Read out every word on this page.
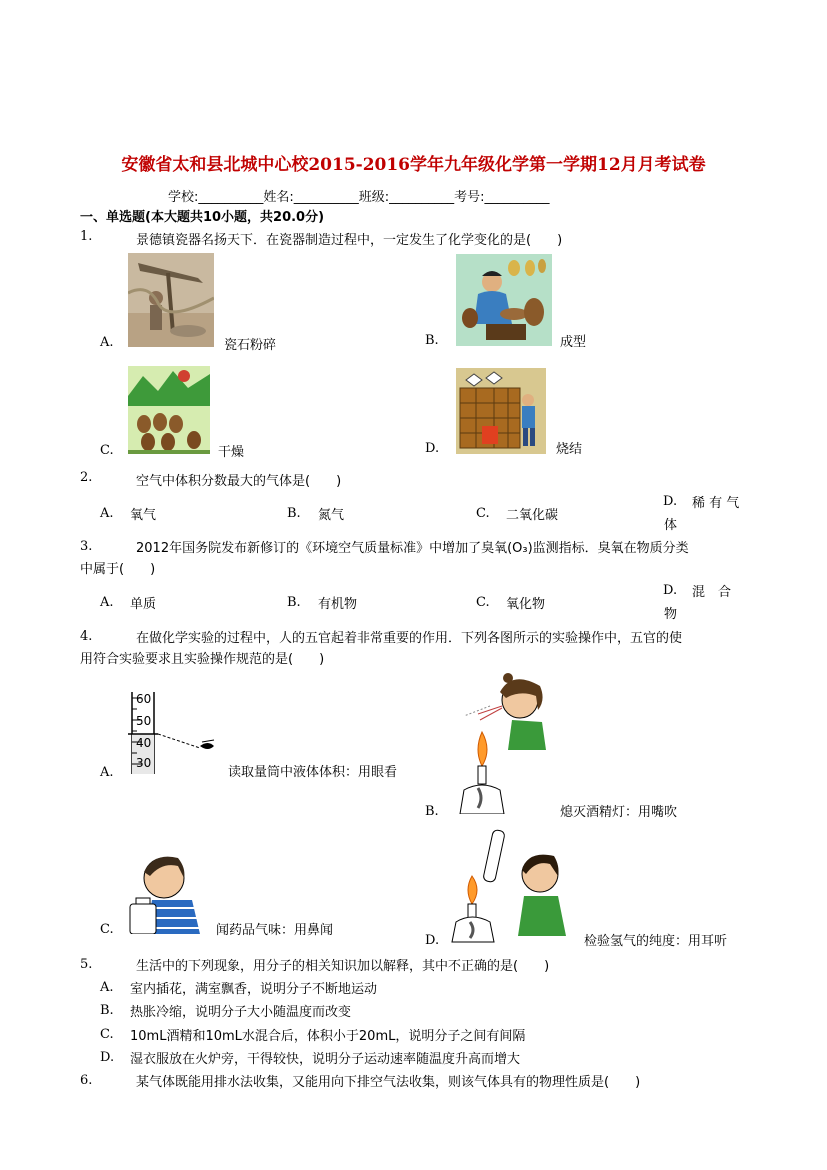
安徽省太和县北城中心校2015-2016学年九年级化学第一学期12月月考试卷
学校:__________姓名:__________班级:__________考号:__________
一、单选题(本大题共10小题，共20.0分)
1.	景德镇瓷器名扬天下．在瓷器制造过程中，一定发生了化学变化的是(　　)
A.	瓷石粉碎	B.	成型
C.	干燥	D.	烧结
2.	空气中体积分数最大的气体是(　　)
A. 氧气	B. 氮气	C. 二氧化碳
D. 稀 有 气
体
3.	2012年国务院发布新修订的《环境空气质量标准》中增加了臭氧(O₃)监测指标．臭氧在物质分类
中属于(　　)
A. 单质	B. 有机物	C. 氧化物
D. 混　合
物
4.	在做化学实验的过程中，人的五官起着非常重要的作用．下列各图所示的实验操作中，五官的使
用符合实验要求且实验操作规范的是(　　)
60
50
40
30
A.	读取量筒中液体体积：用眼看
B.	熄灭酒精灯：用嘴吹
C.	闻药品气味：用鼻闻
D.	检验氢气的纯度：用耳听
5.	生活中的下列现象，用分子的相关知识加以解释，其中不正确的是(　　)
A. 室内插花，满室飘香，说明分子不断地运动
B. 热胀冷缩，说明分子大小随温度而改变
C. 10mL酒精和10mL水混合后，体积小于20mL，说明分子之间有间隔
D. 湿衣服放在火炉旁，干得较快，说明分子运动速率随温度升高而增大
6.	某气体既能用排水法收集，又能用向下排空气法收集，则该气体具有的物理性质是(　　)
